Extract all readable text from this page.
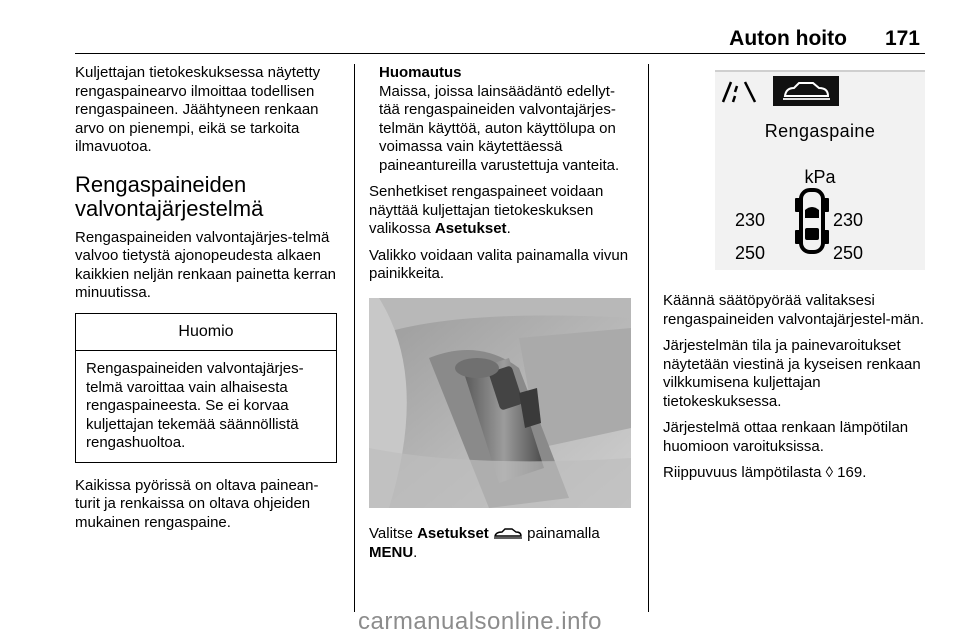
Auton hoito 171

Kuljettajan tietokeskuksessa näytetty rengaspainearvo ilmoittaa todellisen rengaspaineen. Jäähtyneen renkaan arvo on pienempi, eikä se tarkoita ilmavuotoa.

Rengaspaineiden valvontajärjestelmä

Rengaspaineiden valvontajärjes-telmä valvoo tietystä ajonopeudesta alkaen kaikkien neljän renkaan painetta kerran minuutissa.

Huomio
Rengaspaineiden valvontajärjes-telmä varoittaa vain alhaisesta rengaspaineesta. Se ei korvaa kuljettajan tekemää säännöllistä rengashuoltoa.

Kaikissa pyörissä on oltava painean-turit ja renkaissa on oltava ohjeiden mukainen rengaspaine.

Huomautus
Maissa, joissa lainsäädäntö edellyt-tää rengaspaineiden valvontajärjes-telmän käyttöä, auton käyttölupa on voimassa vain käytettäessä paineantureilla varustettuja vanteita.

Senhetkiset rengaspaineet voidaan näyttää kuljettajan tietokeskuksen valikossa Asetukset.

Valikko voidaan valita painamalla vivun painikkeita.

Valitse Asetukset  painamalla
MENU.

Rengaspaine
kPa
230	230
250	250

Käännä säätöpyörää valitaksesi rengaspaineiden valvontajärjestel-män.

Järjestelmän tila ja painevaroitukset näytetään viestinä ja kyseisen renkaan vilkkumisena kuljettajan tietokeskuksessa.

Järjestelmä ottaa renkaan lämpötilan huomioon varoituksissa.

Riippuvuus lämpötilasta ◊ 169.

carmanualsonline.info
